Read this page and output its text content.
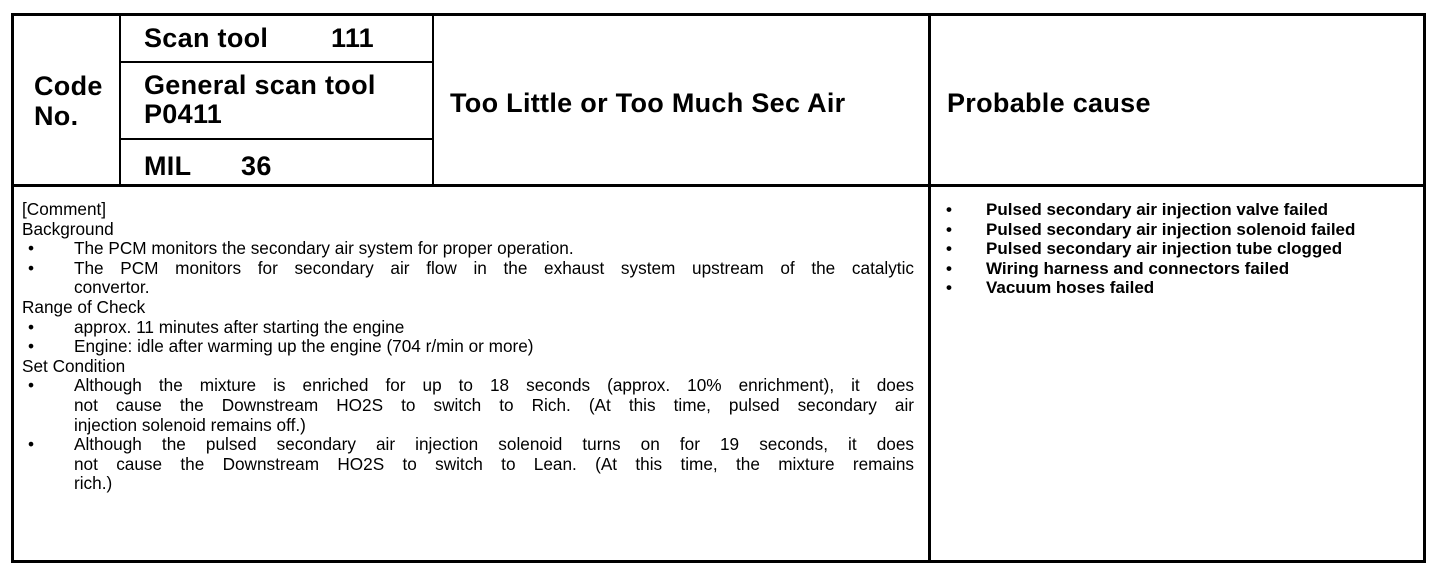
Code
No.
Scan tool 111
General scan tool
P0411
MIL 36
Too Little or Too Much Sec Air	Probable cause
[Comment]
Background
• The PCM monitors the secondary air system for proper operation.
• The PCM monitors for secondary air flow in the exhaust system upstream of the catalytic
convertor.
Range of Check
• approx. 11 minutes after starting the engine
• Engine: idle after warming up the engine (704 r/min or more)
Set Condition
• Although the mixture is enriched for up to 18 seconds (approx. 10% enrichment), it does
not cause the Downstream HO2S to switch to Rich. (At this time, pulsed secondary air
injection solenoid remains off.)
• Although the pulsed secondary air injection solenoid turns on for 19 seconds, it does
not cause the Downstream HO2S to switch to Lean. (At this time, the mixture remains
rich.)
• Pulsed secondary air injection valve failed
• Pulsed secondary air injection solenoid failed
• Pulsed secondary air injection tube clogged
• Wiring harness and connectors failed
• Vacuum hoses failed
